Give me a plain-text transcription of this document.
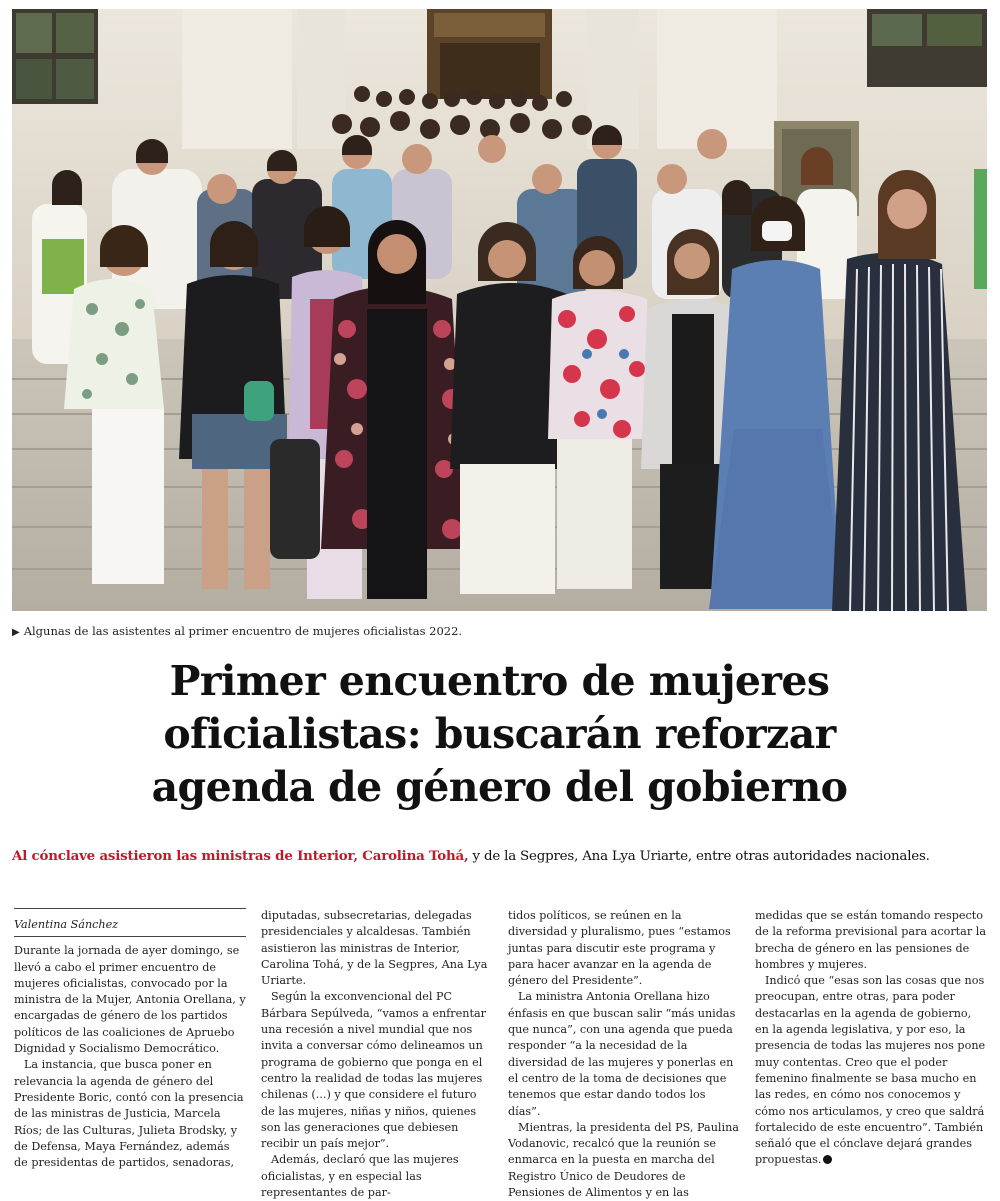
▶ Algunas de las asistentes al primer encuentro de mujeres oficialistas 2022.
Primer encuentro de mujeres
oficialistas: buscarán reforzar
agenda de género del gobierno
Al cónclave asistieron las ministras de Interior, Carolina Tohá, y de la Segpres, Ana Lya Uriarte, entre otras autoridades nacionales.
Valentina Sánchez

Durante la jornada de ayer domingo, se llevó a cabo el primer encuentro de mujeres oficialistas, convocado por la ministra de la Mujer, Antonia Orellana, y encargadas de género de los partidos políticos de las coaliciones de Apruebo Dignidad y Socialismo Democrático.

La instancia, que busca poner en relevancia la agenda de género del Presidente Boric, contó con la presencia de las ministras de Justicia, Marcela Ríos; de las Culturas, Julieta Brodsky, y de Defensa, Maya Fernández, además de presidentas de partidos, senadoras,

diputadas, subsecretarias, delegadas presidenciales y alcaldesas. También asistieron las ministras de Interior, Carolina Tohá, y de la Segpres, Ana Lya Uriarte.

Según la exconvencional del PC Bárbara Sepúlveda, “vamos a enfrentar una recesión a nivel mundial que nos invita a conversar cómo delineamos un programa de gobierno que ponga en el centro la realidad de todas las mujeres chilenas (...) y que considere el futuro de las mujeres, niñas y niños, quienes son las generaciones que debiesen recibir un país mejor”.

Además, declaró que las mujeres oficialistas, y en especial las representantes de par-

tidos políticos, se reúnen en la diversidad y pluralismo, pues “estamos juntas para discutir este programa y para hacer avanzar en la agenda de género del Presidente”.

La ministra Antonia Orellana hizo énfasis en que buscan salir “más unidas que nunca”, con una agenda que pueda responder “a la necesidad de la diversidad de las mujeres y ponerlas en el centro de la toma de decisiones que tenemos que estar dando todos los días”.

Mientras, la presidenta del PS, Paulina Vodanovic, recalcó que la reunión se enmarca en la puesta en marcha del Registro Único de Deudores de Pensiones de Alimentos y en las

medidas que se están tomando respecto de la reforma previsional para acortar la brecha de género en las pensiones de hombres y mujeres.

Indicó que “esas son las cosas que nos preocupan, entre otras, para poder destacarlas en la agenda de gobierno, en la agenda legislativa, y por eso, la presencia de todas las mujeres nos pone muy contentas. Creo que el poder femenino finalmente se basa mucho en las redes, en cómo nos conocemos y cómo nos articulamos, y creo que saldrá fortalecido de este encuentro”. También señaló que el cónclave dejará grandes propuestas.
